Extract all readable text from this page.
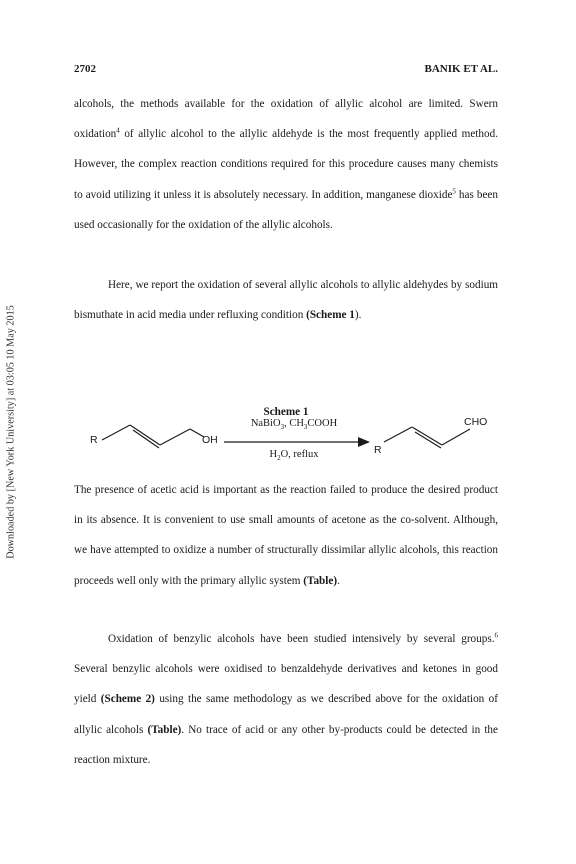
Downloaded by [New York University] at 03:05 10 May 2015
2702	BANIK ET AL.

alcohols, the methods available for the oxidation of allylic alcohol are limited. Swern oxidation$^4$ of allylic alcohol to the allylic aldehyde is the most frequently applied method. However, the complex reaction conditions required for this procedure causes many chemists to avoid utilizing it unless it is absolutely necessary. In addition, manganese dioxide$^5$ has been used occasionally for the oxidation of the allylic alcohols.

Here, we report the oxidation of several allylic alcohols to allylic aldehydes by sodium bismuthate in acid media under refluxing condition (Scheme 1).

Scheme 1
R	OH
NaBiO$_3$, $CH_3COOH$
$H_2O$, reflux	R
CHO

The presence of acetic acid is important as the reaction failed to produce the desired product in its absence. It is convenient to use small amounts of acetone as the co-solvent. Although, we have attempted to oxidize a number of structurally dissimilar allylic alcohols, this reaction proceeds well only with the primary allylic system (Table).

Oxidation of benzylic alcohols have been studied intensively by several groups.$^6$ Several benzylic alcohols were oxidised to benzaldehyde derivatives and ketones in good yield (Scheme 2) using the same methodology as we described above for the oxidation of allylic alcohols (Table). No trace of acid or any other by-products could be detected in the reaction mixture.
